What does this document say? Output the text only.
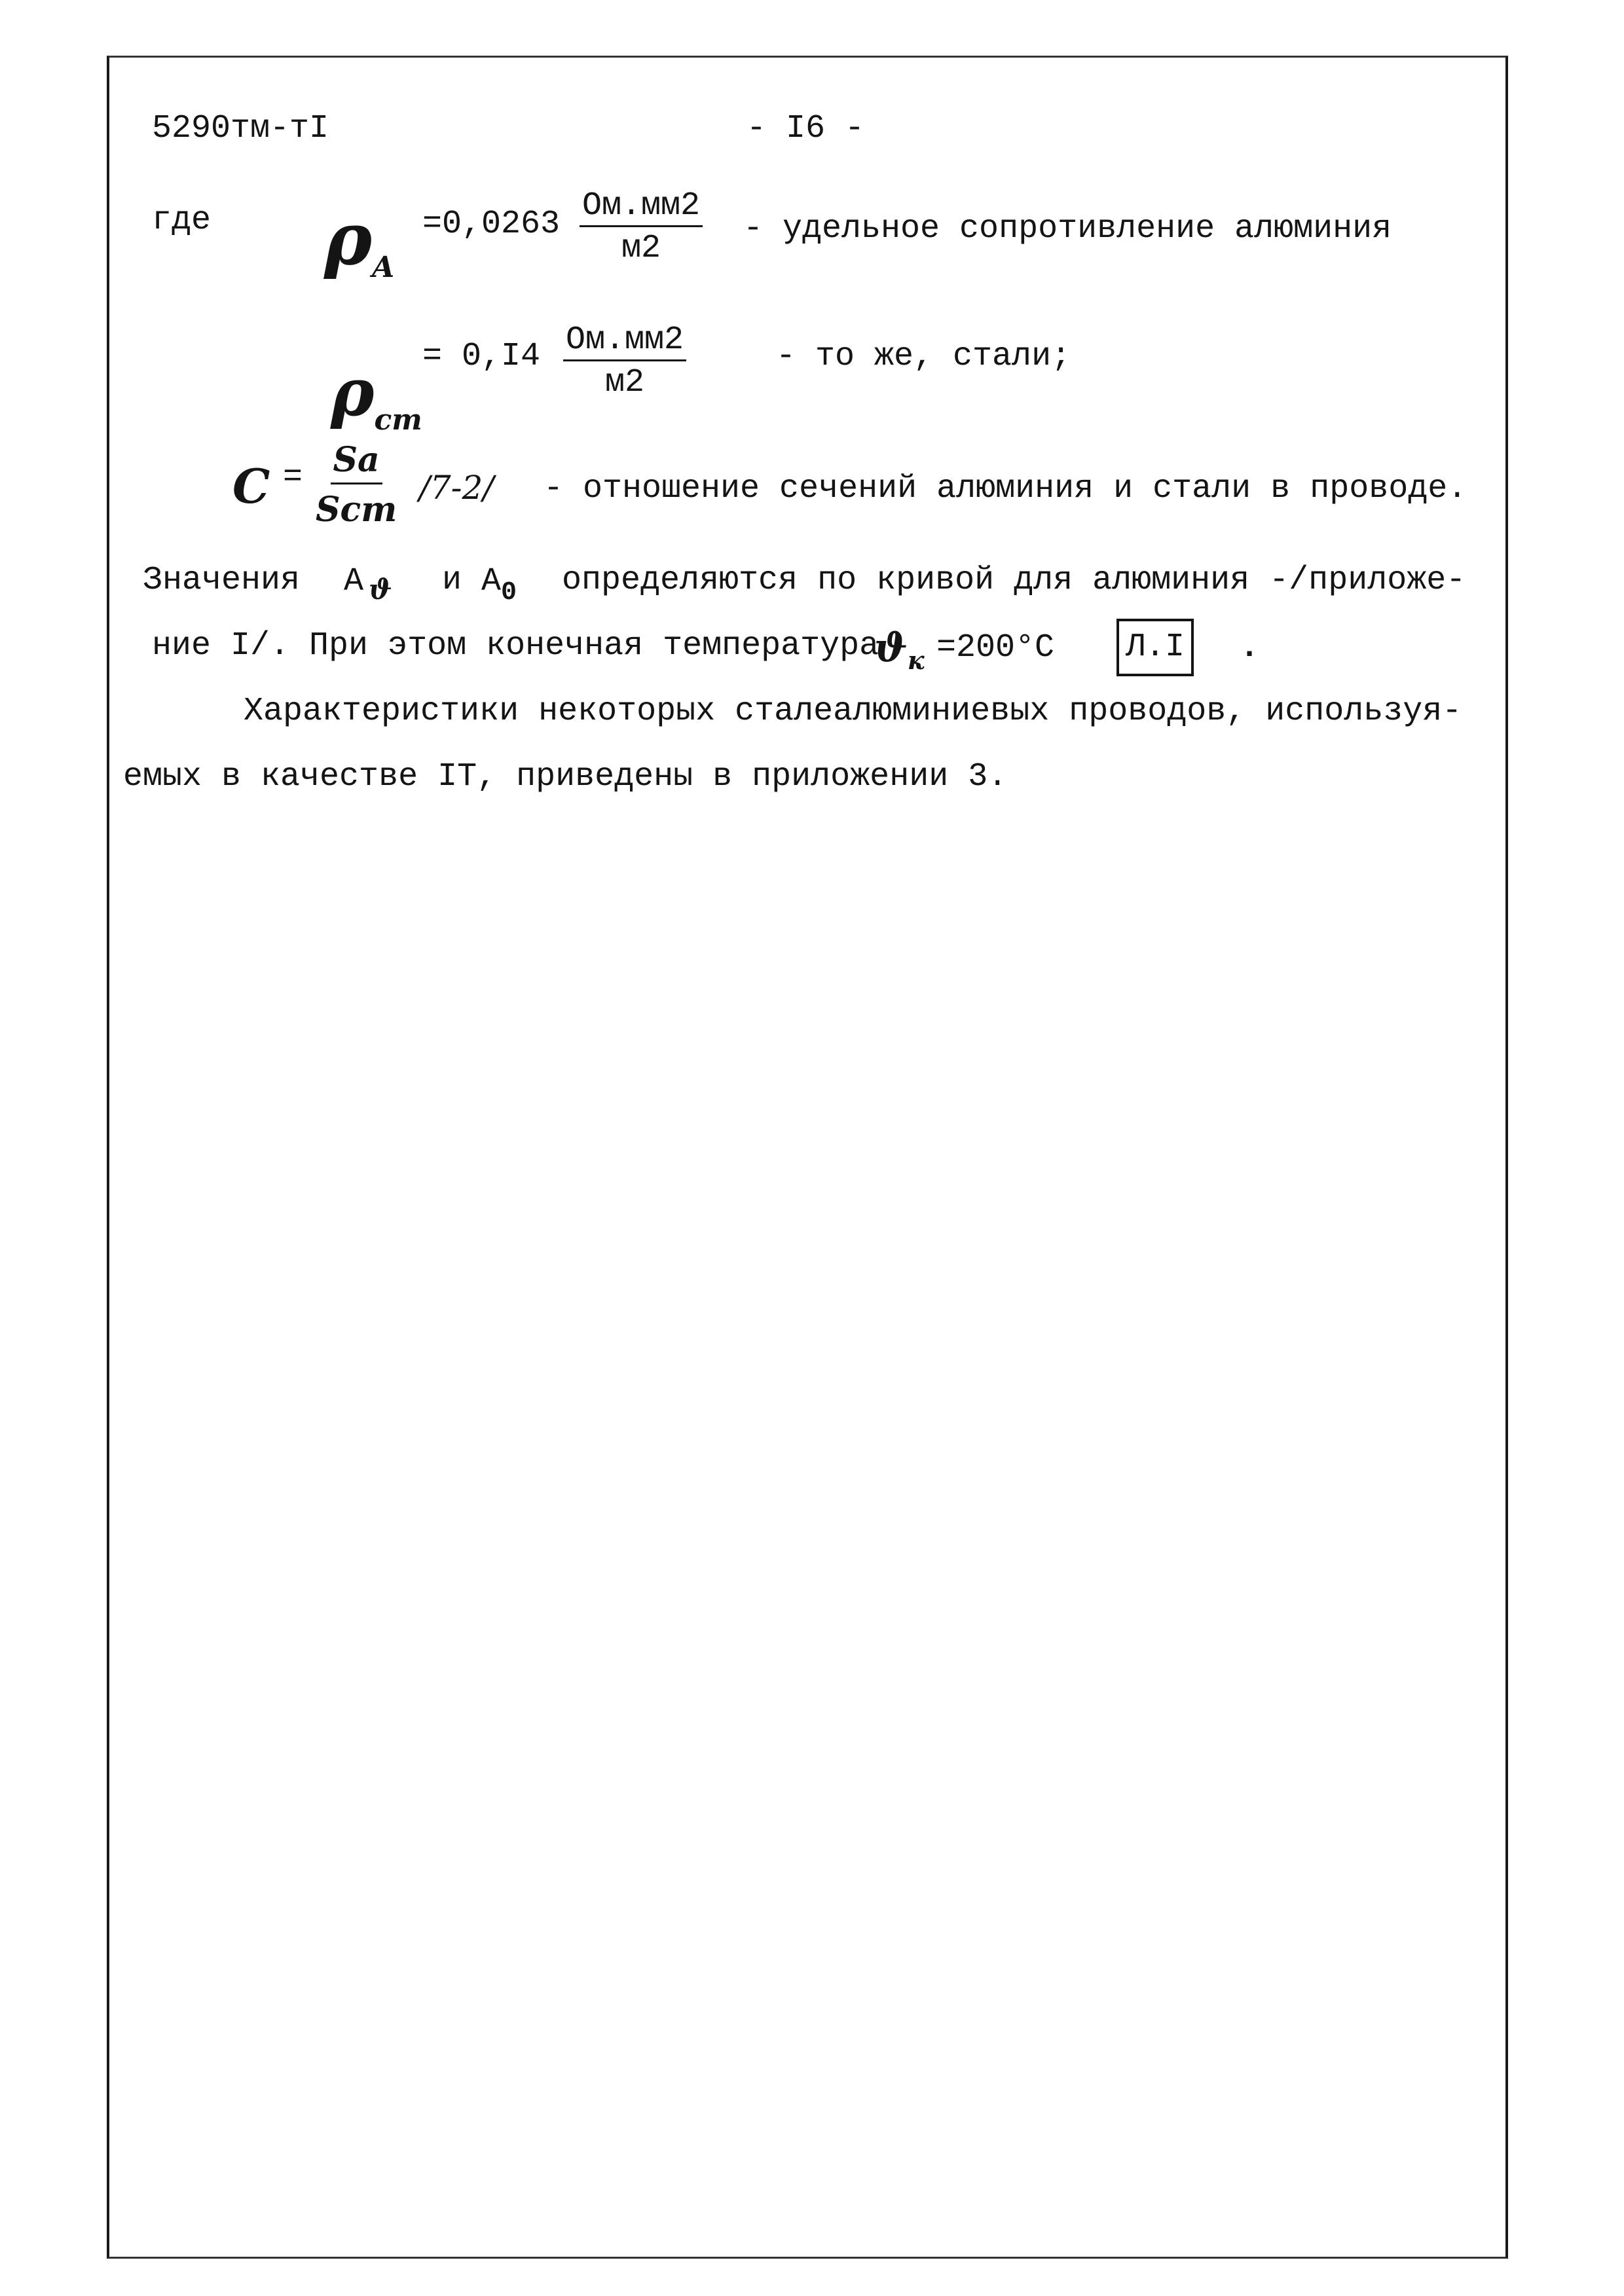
5290тм-тI	- I6 -
где ρA
$=0,0263 \frac{Ом.мм2}{м2}$ - удельное сопротивление алюминия
ρст
= $0,I4 \frac{Ом.мм2}{м2}$	- то же, стали;
$C = \frac{Sa}{\text{Scm}} /7-2/$ - отношение сечений алюминия и стали в проводе.
Значения A $_ϑ$ и $A_0$ определяются по кривой для алюминия -/приложе-
ние I/. При этом конечная температура
ϑк =200°C Л.I .
Характеристики некоторых сталеалюминиевых проводов, используя-
емых в качестве IT, приведены в приложении 3.
